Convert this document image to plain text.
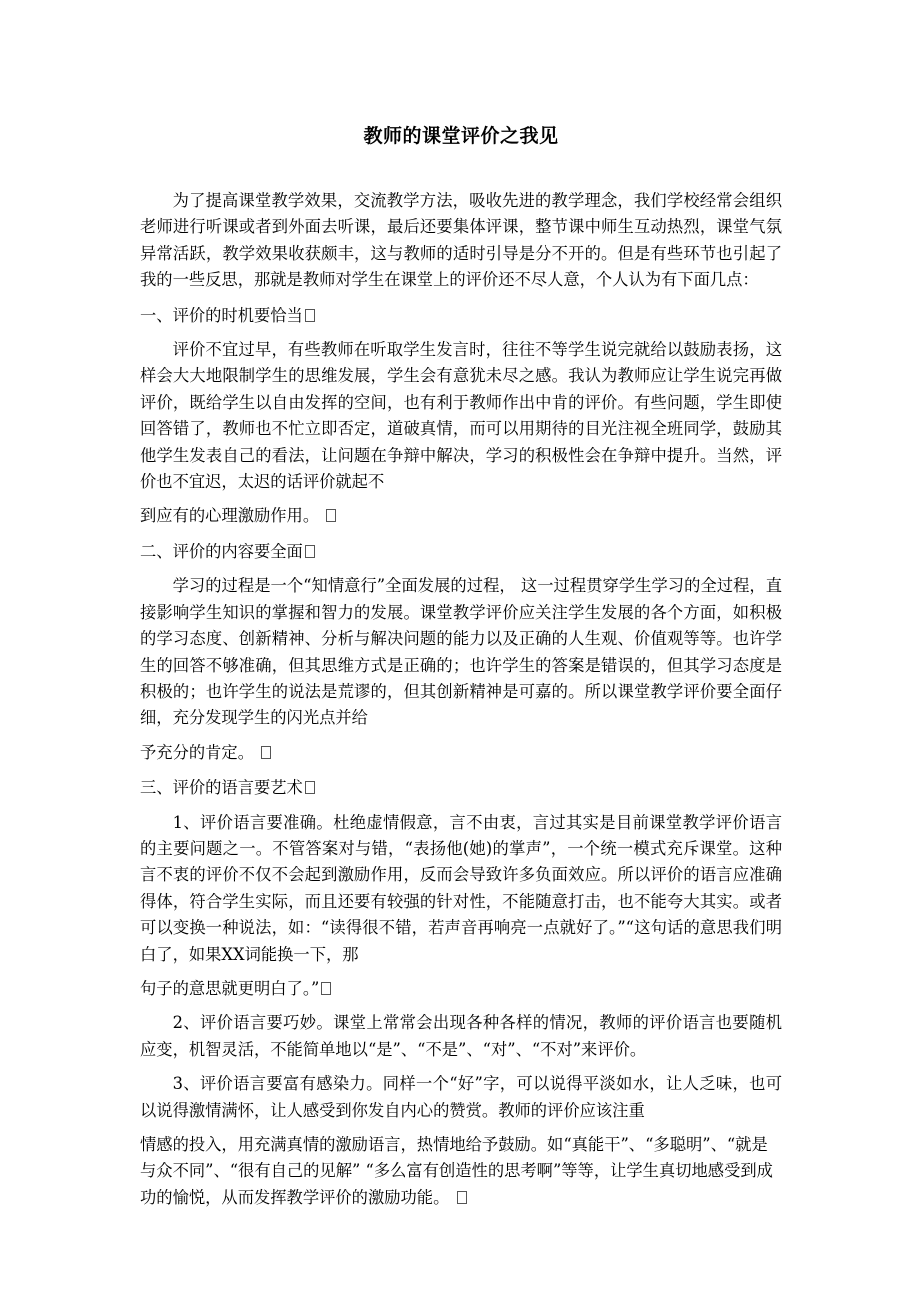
教师的课堂评价之我见

为了提高课堂教学效果，交流教学方法，吸收先进的教学理念，我们学校经常会组织老师进行听课或者到外面去听课，最后还要集体评课，整节课中师生互动热烈，课堂气氛异常活跃，教学效果收获颇丰，这与教师的适时引导是分不开的。但是有些环节也引起了我的一些反思，那就是教师对学生在课堂上的评价还不尽人意，个人认为有下面几点：

一、评价的时机要恰当

评价不宜过早，有些教师在听取学生发言时，往往不等学生说完就给以鼓励表扬，这样会大大地限制学生的思维发展，学生会有意犹未尽之感。我认为教师应让学生说完再做评价，既给学生以自由发挥的空间，也有利于教师作出中肯的评价。有些问题，学生即使回答错了，教师也不忙立即否定，道破真情，而可以用期待的目光注视全班同学，鼓励其他学生发表自己的看法，让问题在争辩中解决，学习的积极性会在争辩中提升。当然，评价也不宜迟，太迟的话评价就起不

到应有的心理激励作用。
二、评价的内容要全面

学习的过程是一个“知情意行”全面发展的过程， 这一过程贯穿学生学习的全过程，直接影响学生知识的掌握和智力的发展。课堂教学评价应关注学生发展的各个方面，如积极的学习态度、创新精神、分析与解决问题的能力以及正确的人生观、价值观等等。也许学生的回答不够准确，但其思维方式是正确的；也许学生的答案是错误的，但其学习态度是积极的；也许学生的说法是荒谬的，但其创新精神是可嘉的。所以课堂教学评价要全面仔细，充分发现学生的闪光点并给

予充分的肯定。
三、评价的语言要艺术

1、评价语言要准确。杜绝虚情假意，言不由衷，言过其实是目前课堂教学评价语言的主要问题之一。不管答案对与错，“表扬他(她)的掌声”，一个统一模式充斥课堂。这种言不衷的评价不仅不会起到激励作用，反而会导致许多负面效应。所以评价的语言应准确得体，符合学生实际，而且还要有较强的针对性，不能随意打击，也不能夸大其实。或者可以变换一种说法，如：“读得很不错，若声音再响亮一点就好了。”“这句话的意思我们明白了，如果XX词能换一下，那

句子的意思就更明白了。”

2、评价语言要巧妙。课堂上常常会出现各种各样的情况，教师的评价语言也要随机应变，机智灵活，不能简单地以“是”、“不是”、“对”、“不对”来评价。

3、评价语言要富有感染力。同样一个“好”字，可以说得平淡如水，让人乏味，也可以说得激情满怀，让人感受到你发自内心的赞赏。教师的评价应该注重

情感的投入，用充满真情的激励语言，热情地给予鼓励。如“真能干”、“多聪明”、“就是与众不同”、“很有自己的见解” “多么富有创造性的思考啊”等等，让学生真切地感受到成功的愉悦，从而发挥教学评价的激励功能。
